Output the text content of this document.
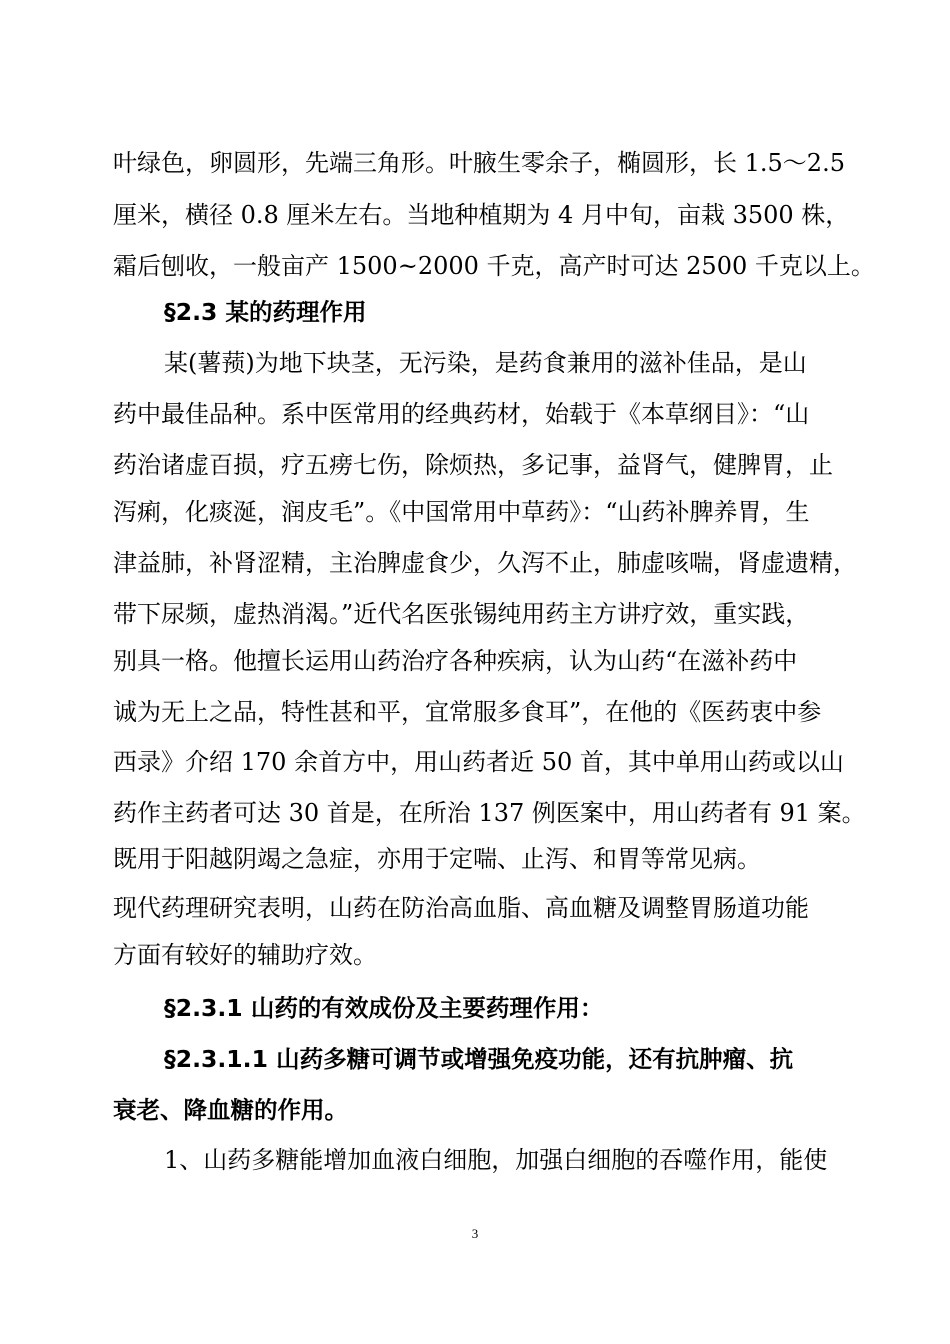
叶绿色，卵圆形，先端三角形。叶腋生零余子，椭圆形，长 1.5～2.5
厘米，横径 0.8 厘米左右。当地种植期为 4 月中旬，亩栽 3500 株，
霜后刨收，一般亩产 1500~2000 千克，高产时可达 2500 千克以上。
§2.3 某的药理作用
某(薯蓣)为地下块茎，无污染，是药食兼用的滋补佳品，是山
药中最佳品种。系中医常用的经典药材，始载于《本草纲目》：“山
药治诸虚百损，疗五痨七伤，除烦热，多记事，益肾气，健脾胃，止
泻痢，化痰涎，润皮毛”。《中国常用中草药》：“山药补脾养胃，生
津益肺，补肾涩精，主治脾虚食少，久泻不止，肺虚咳喘，肾虚遗精，
带下尿频，虚热消渴。”近代名医张锡纯用药主方讲疗效，重实践，
别具一格。他擅长运用山药治疗各种疾病，认为山药“在滋补药中
诚为无上之品，特性甚和平，宜常服多食耳”，在他的《医药衷中参
西录》介绍 170 余首方中，用山药者近 50 首，其中单用山药或以山
药作主药者可达 30 首是，在所治 137 例医案中，用山药者有 91 案。
既用于阳越阴竭之急症，亦用于定喘、止泻、和胃等常见病。
现代药理研究表明，山药在防治高血脂、高血糖及调整胃肠道功能
方面有较好的辅助疗效。
§2.3.1 山药的有效成份及主要药理作用：
§2.3.1.1 山药多糖可调节或增强免疫功能，还有抗肿瘤、抗
衰老、降血糖的作用。
1、山药多糖能增加血液白细胞，加强白细胞的吞噬作用，能使
3
